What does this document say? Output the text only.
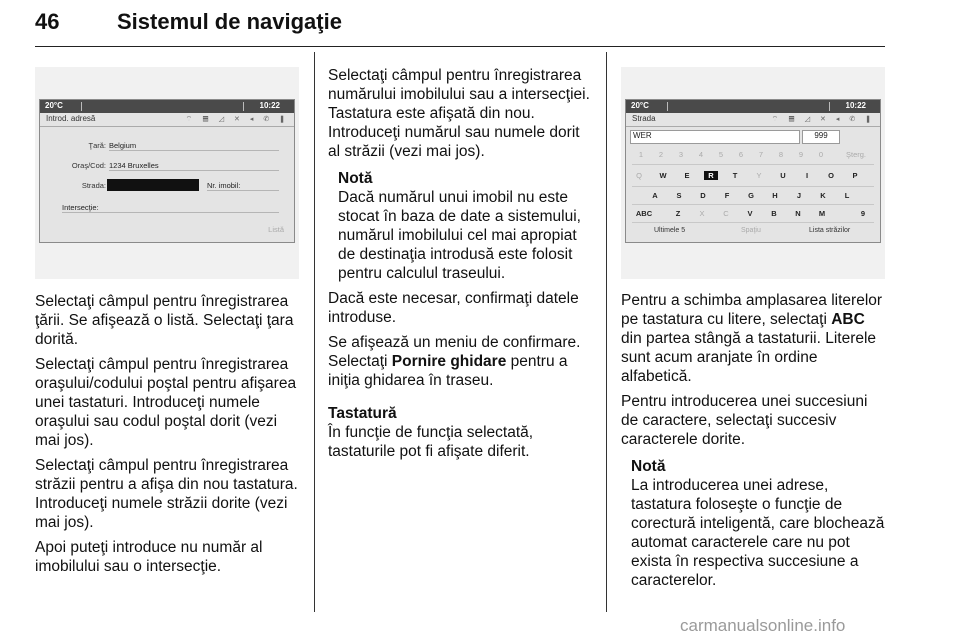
46	Sistemul de navigaţie
20°C	10:22
Introd. adresă	⌔ ▤ ◿ ✕ ◂ ✆ ❚
Ţară: Belgium
Oraş/Cod: 1234 Bruxelles
Strada:	Nr. imobil:
Intersecţie:
Listă
20°C	10:22
Strada	⌔ ▤ ◿ ✕ ◂ ✆ ❚
WER	999
1	2	3	4	5	6	7	8	9	0	Şterg.
Q	W	E	R	T	Y	U	I	O	P
A	S	D	F	G	H	J	K	L
ABC	Z	X	C	V	B	N	M	9
Ultimele 5	Spaţiu	Lista străzilor

Selectaţi câmpul pentru înregistrarea ţării. Se afişează o listă. Selectaţi ţara dorită.

Selectaţi câmpul pentru înregistrarea oraşului/codului poştal pentru afişarea unei tastaturi. Introduceţi numele oraşului sau codul poştal dorit (vezi mai jos).

Selectaţi câmpul pentru înregistrarea străzii pentru a afişa din nou tastatura. Introduceţi numele străzii dorite (vezi mai jos).

Apoi puteţi introduce nu număr al imobilului sau o intersecţie.

Selectaţi câmpul pentru înregistrarea numărului imobilului sau a intersecţiei. Tastatura este afişată din nou. Introduceţi numărul sau numele dorit al străzii (vezi mai jos).

Notă

Dacă numărul unui imobil nu este stocat în baza de date a sistemului, numărul imobilului cel mai apropiat de destinaţia introdusă este folosit pentru calculul traseului.

Dacă este necesar, confirmaţi datele introduse.

Se afişează un meniu de confirmare. Selectaţi Pornire ghidare pentru a iniţia ghidarea în traseu.

Tastatură

În funcţie de funcţia selectată, tastaturile pot fi afişate diferit.

Pentru a schimba amplasarea literelor pe tastatura cu litere, selectaţi ABC din partea stângă a tastaturii. Literele sunt acum aranjate în ordine alfabetică.

Pentru introducerea unei succesiuni de caractere, selectaţi succesiv caracterele dorite.

Notă

La introducerea unei adrese, tastatura foloseşte o funcţie de corectură inteligentă, care blochează automat caracterele care nu pot exista în respectiva succesiune a caracterelor.

carmanualsonline.info
